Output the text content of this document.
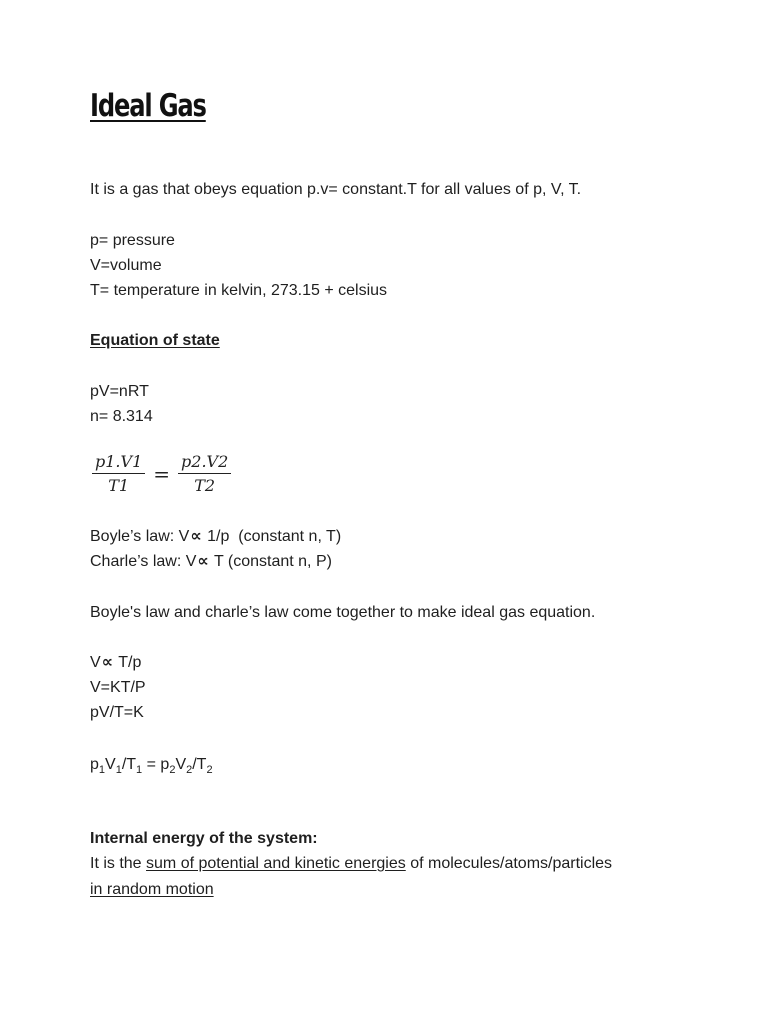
Ideal Gas
It is a gas that obeys equation p.v= constant.T for all values of p, V, T.
p= pressure
V=volume
T= temperature in kelvin, 273.15 + celsius
Equation of state
pV=nRT
n= 8.314
$\frac{p1.V1}{T1} = \frac{p2.V2}{T2}$
Boyle’s law: V∝ 1/p  (constant n, T)
Charle’s law: V∝ T (constant n, P)
Boyle's law and charle’s law come together to make ideal gas equation.
V∝ T/p
V=KT/P
pV/T=K
$p_1V_1/T_1 = p_2V_2/T_2$
Internal energy of the system:
It is the sum of potential and kinetic energies of molecules/atoms/particles
in random motion
